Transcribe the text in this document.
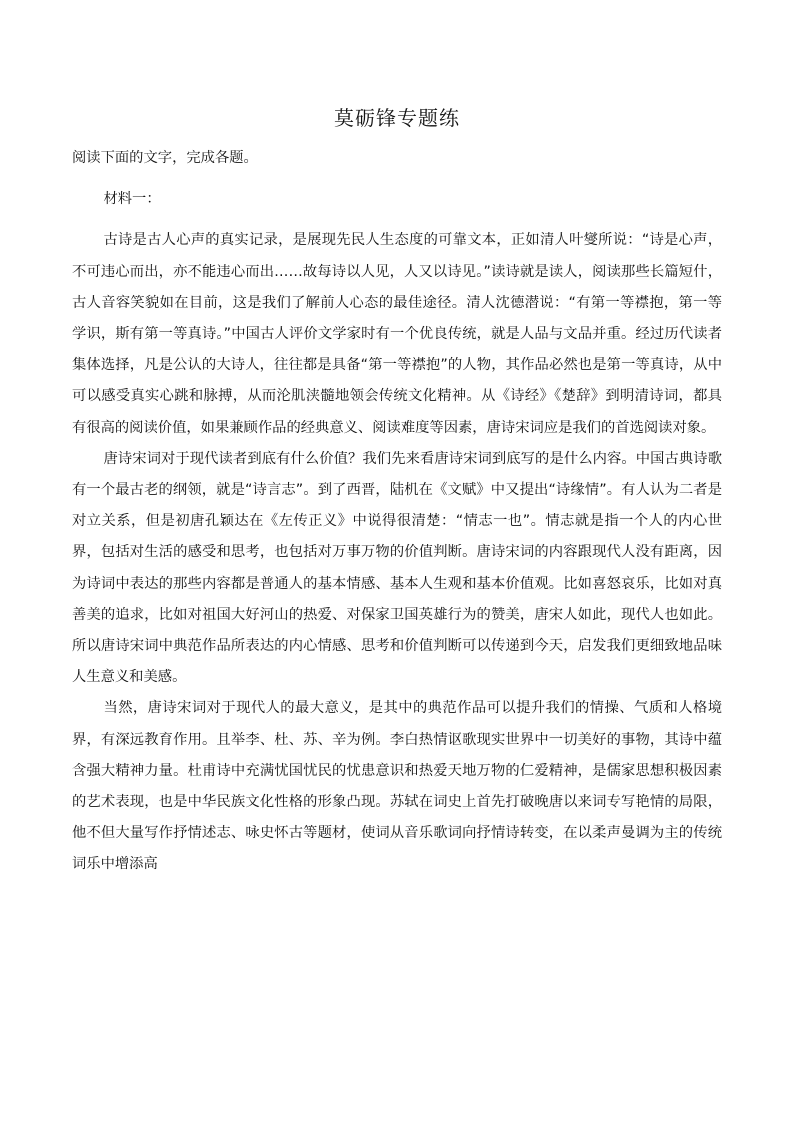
莫砺锋专题练

阅读下面的文字，完成各题。

材料一：

古诗是古人心声的真实记录，是展现先民人生态度的可靠文本，正如清人叶燮所说：“诗是心声，不可违心而出，亦不能违心而出……故每诗以人见，人又以诗见。”读诗就是读人，阅读那些长篇短什，古人音容笑貌如在目前，这是我们了解前人心态的最佳途径。清人沈德潜说：“有第一等襟抱，第一等学识，斯有第一等真诗。”中国古人评价文学家时有一个优良传统，就是人品与文品并重。经过历代读者集体选择，凡是公认的大诗人，往往都是具备“第一等襟抱”的人物，其作品必然也是第一等真诗，从中可以感受真实心跳和脉搏，从而沦肌浃髓地领会传统文化精神。从《诗经》《楚辞》到明清诗词，都具有很高的阅读价值，如果兼顾作品的经典意义、阅读难度等因素，唐诗宋词应是我们的首选阅读对象。

唐诗宋词对于现代读者到底有什么价值？我们先来看唐诗宋词到底写的是什么内容。中国古典诗歌有一个最古老的纲领，就是“诗言志”。到了西晋，陆机在《文赋》中又提出“诗缘情”。有人认为二者是对立关系，但是初唐孔颖达在《左传正义》中说得很清楚：“情志一也”。情志就是指一个人的内心世界，包括对生活的感受和思考，也包括对万事万物的价值判断。唐诗宋词的内容跟现代人没有距离，因为诗词中表达的那些内容都是普通人的基本情感、基本人生观和基本价值观。比如喜怒哀乐，比如对真善美的追求，比如对祖国大好河山的热爱、对保家卫国英雄行为的赞美，唐宋人如此，现代人也如此。所以唐诗宋词中典范作品所表达的内心情感、思考和价值判断可以传递到今天，启发我们更细致地品味人生意义和美感。

当然，唐诗宋词对于现代人的最大意义，是其中的典范作品可以提升我们的情操、气质和人格境界，有深远教育作用。且举李、杜、苏、辛为例。李白热情讴歌现实世界中一切美好的事物，其诗中蕴含强大精神力量。杜甫诗中充满忧国忧民的忧患意识和热爱天地万物的仁爱精神，是儒家思想积极因素的艺术表现，也是中华民族文化性格的形象凸现。苏轼在词史上首先打破晚唐以来词专写艳情的局限，他不但大量写作抒情述志、咏史怀古等题材，使词从音乐歌词向抒情诗转变，在以柔声曼调为主的传统词乐中增添高
